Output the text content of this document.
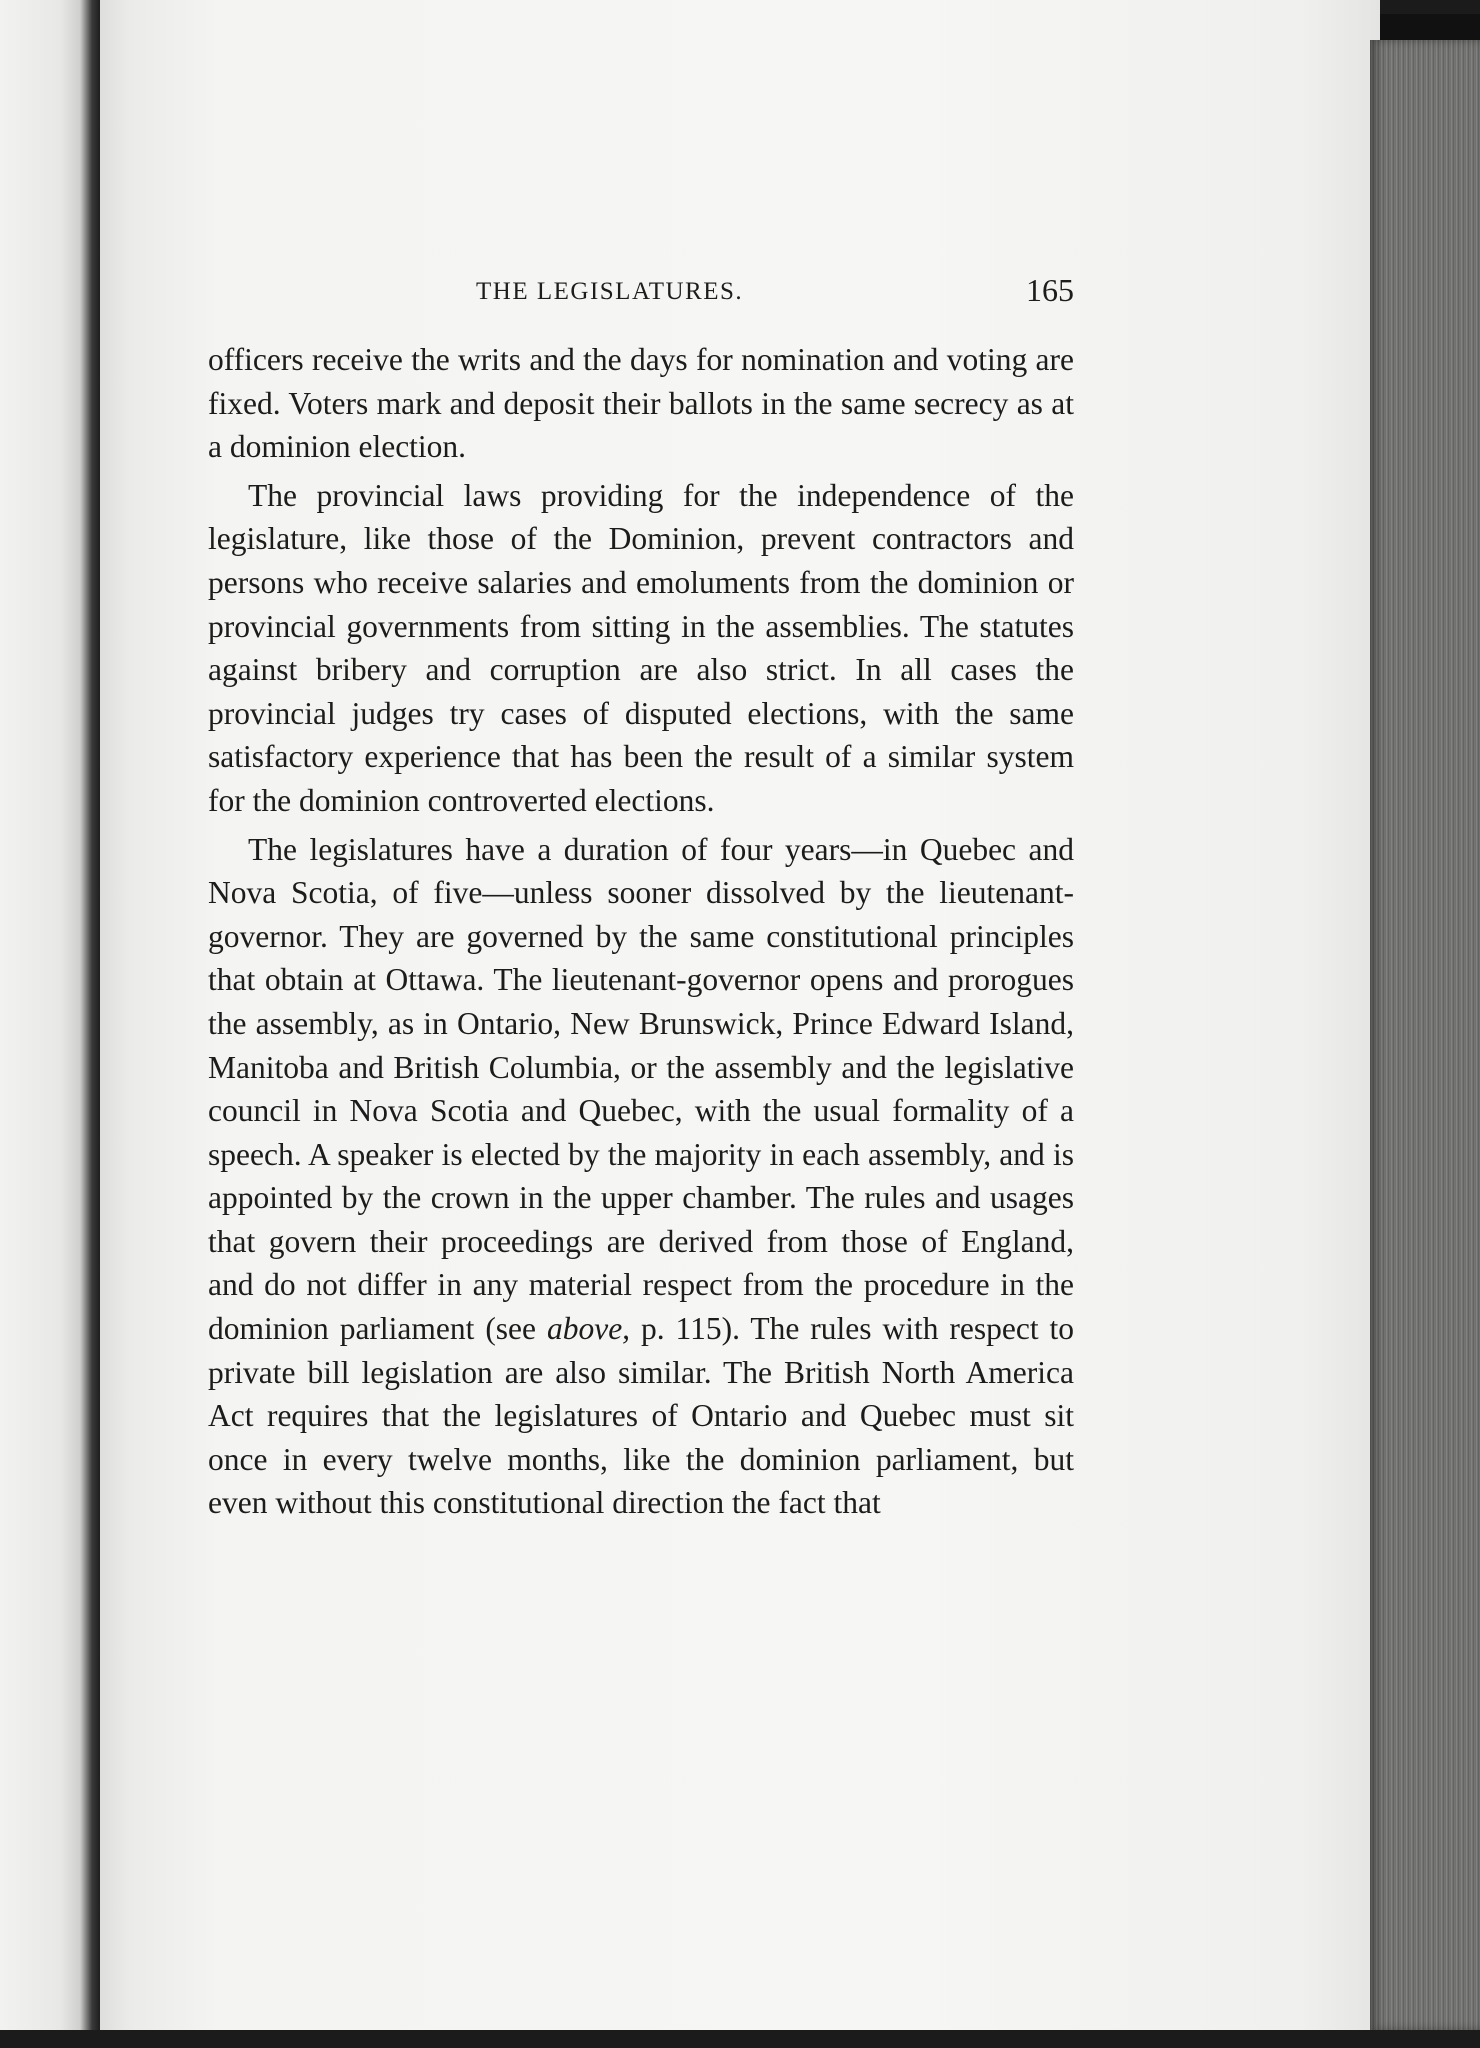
THE LEGISLATURES.	165

officers receive the writs and the days for nomination and voting are fixed. Voters mark and deposit their ballots in the same secrecy as at a dominion election.

The provincial laws providing for the independence of the legislature, like those of the Dominion, prevent contractors and persons who receive salaries and emoluments from the dominion or provincial governments from sitting in the assemblies. The statutes against bribery and corruption are also strict. In all cases the provincial judges try cases of disputed elections, with the same satisfactory experience that has been the result of a similar system for the dominion controverted elections.

The legislatures have a duration of four years—in Quebec and Nova Scotia, of five—unless sooner dissolved by the lieutenant-governor. They are governed by the same constitutional principles that obtain at Ottawa. The lieutenant-governor opens and prorogues the assembly, as in Ontario, New Brunswick, Prince Edward Island, Manitoba and British Columbia, or the assembly and the legislative council in Nova Scotia and Quebec, with the usual formality of a speech. A speaker is elected by the majority in each assembly, and is appointed by the crown in the upper chamber. The rules and usages that govern their proceedings are derived from those of England, and do not differ in any material respect from the procedure in the dominion parliament (see above, p. 115). The rules with respect to private bill legislation are also similar. The British North America Act requires that the legislatures of Ontario and Quebec must sit once in every twelve months, like the dominion parliament, but even without this constitutional direction the fact that
